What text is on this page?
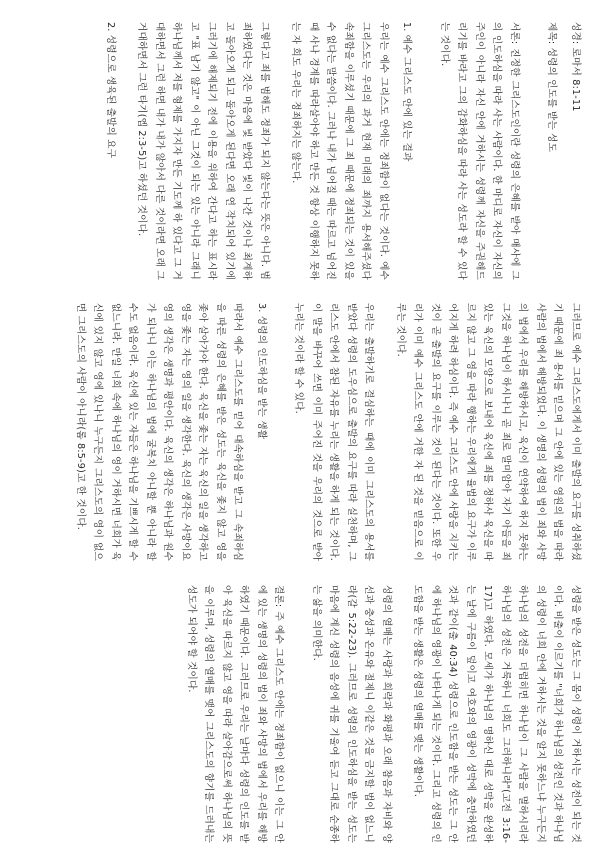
성경: 로마서 8:1-11

제목: 성령의 인도를 받는 성도

서론: 진정한 그리스도인이란 성령의 은혜를 받아 매사에 그의 인도하심을 따라 사는 사람이다. 한 마디로 자신이 자신의 주인이 아니라 자신 안에 거하시는 성령께 자신을 주권해드리기를 바라고 그의 감화하심을 따라 사는 성도라 할 수 있다는 것이다.

1. 예수 그리스도 안에 있는 결과

우리는 예수 그리스도 안에는 정죄함이 없다는 것이다. 예수 그리스도는 우리의 과거 현재 미래의 죄까지 용서해주셨다 속죄함을 이루셨기 때문에 그 죄 때문에 정죄되는 것이 있을 수 없다는 말씀이다. 그러나 내가 넘어질 때는 따르고 넘어진 때 사나 경계를 따라살아야 하고 만든 것 항상 이행하지 못하는 자 희도 우리는 정죄하지는 않는다.

그렇다고 죄를 범해도 정죄가 되지 않는다는 뜻은 아니다. 범죄하였다는 것은 마음에 빛 받았다 빛이 나간 것이나 최계하고 돌아오게 되고 돌아오게 된다면 오래 연 작치되어 있기에 그러기에 해제되기 전에 이용을 위하여 간다고 하는 표시라고 "표 남기 않고" 이 아닌 그것이 되는 있는 아니라 그래니 하나님께서 저를 형제를 가지자 만든 기도께 하 있다고 그 거대하면서 그런 하면 내가 내가 않아서 다른 것이라면 오래 그 거대하면서 그런 타기(엡 2:3-5)고 하셨던 것이다.

2. 성령으로 생육된 출발의 요구

그러므로 예수 그리스도에게서 이미 출발의 요구를 성취하셨기 때문에 죄 용서를 믿으며 그 안에 있는 영원의 법을 따라 사람의 법에서 해방되었다. 이 생명의 성령의 법이 죄와 사망의 법에서 우리를 해방하시고, 육신이 연약하여 하지 못하는 그것을 하나님이 하시나니 곧 죄로 말미암아 자기 아들을 죄 있는 육신의 모양으로 보내어 육신에 죄를 정하사 육신을 따르지 않고 그 영을 따라 행하는 우리에게 율법의 요구가 이루어지게 하려 하심이다. 즉 예수 그리스도 안에 사랑을 지키는 것이 곧 출발의 요구를 이루는 것이 된다는 것이다. 또한 우리가 이미 예수 그리스도 안에 거한 자 된 것을 믿음으로 이루는 것이다.

우리는 출발하기로 결심하는 때에 이미 그리스도의 용서를 받았다 성령의 도우심으로 출발의 요구를 따라 실천하며, 그리스도 안에서 참된 자유를 누리는 생활을 하게 되는 것이다. 이 말을 바꾸어 쓰면 이미 주어진 것을 우리의 것으로 받아 누리는 것이라 할 수 있다.

3. 성령의 인도하심을 받는 생활

따라서 예수 그리스도를 믿어 대속하심을 받고 그 속죄하심을 따른 성령의 은혜를 받은 성도는 육신을 좇지 않고 영을 좇아 살아가야 한다. 육신을 좇는 자는 육신의 일을 생각하고 영을 좇는 자는 영의 일을 생각한다. 육신의 생각은 사망이요 영의 생각은 생명과 평안이다. 육신의 생각은 하나님과 원수가 되나니 이는 하나님의 법에 굴복치 아니할 뿐 아니라 할 수도 없음이라. 육신에 있는 자들은 하나님을 기쁘시게 할 수 없느니라. 만일 너희 속에 하나님의 영이 거하시면 너희가 육신에 있지 않고 영에 있나니 누구든지 그리스도의 영이 없으면 그리스도의 사람이 아니라(롬 8:5-9)고 한 것이다.

성령을 받은 성도는 그 몸이 성령이 거하시는 성전이 되는 것이다. 비출이 이르기를 "너희가 하나님의 성전인 것과 하나님의 성령이 너희 안에 거하시는 것을 알지 못하느냐 누구든지 하나님의 성전을 더럽히면 하나님이 그 사람을 멸하시리라 하나님의 성전은 거룩하니 너희도 그러하니라"(고전 3:16-17)고 하였다. 모세가 하나님의 명하신 대로 성막을 완성하는 날에 구름이 덮이고 여호와의 영광이 성막에 충만하였던 것과 같이(출 40:34) 성령으로 인도함을 받는 성도는 그 안에 하나님의 영광이 나타나게 되는 것이다. 그리고 성령의 인도함을 받는 생활은 성령의 열매를 맺는 생활이다.

성령의 열매는 사랑과 희락과 화평과 오래 참음과 자비와 양선과 충성과 온유와 절제니 이같은 것을 금지할 법이 없느니라(갈 5:22-23). 그러므로 성령의 인도하심을 받는 성도는 마음에 계신 성령의 음성에 귀를 기울여 듣고 그대로 순종하는 삶을 의미한다.

결론: 주 예수 그리스도 안에는 정죄함이 없으니 이는 그 안에 있는 생명의 성령의 법이 죄와 사망의 법에서 우리를 해방하였기 때문이다. 그러므로 우리는 날마다 성령의 인도를 받아 육신을 따르지 않고 영을 따라 살아감으로써 하나님의 뜻을 이루며, 성령의 열매를 맺어 그리스도의 향기를 드러내는 성도가 되어야 할 것이다.
